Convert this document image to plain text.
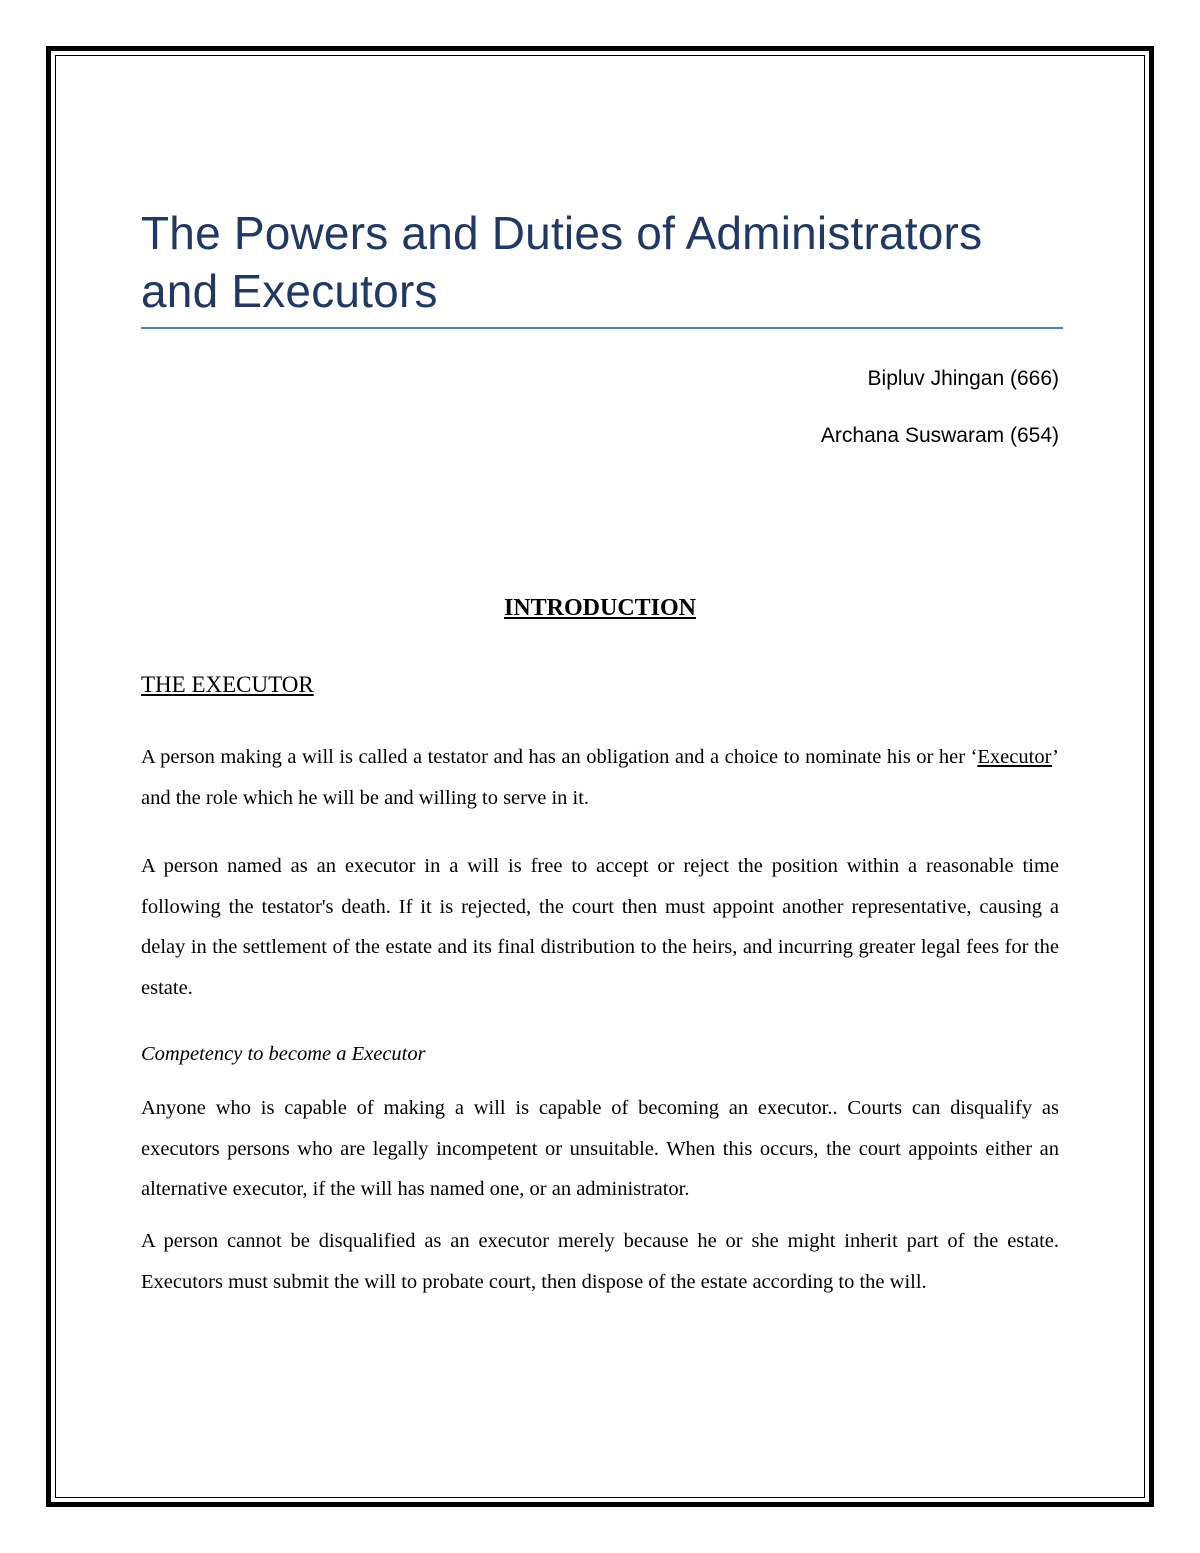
The Powers and Duties of Administrators and Executors
Bipluv Jhingan (666)
Archana Suswaram (654)
INTRODUCTION
THE EXECUTOR

A person making a will is called a testator and has an obligation and a choice to nominate his or her ‘Executor’ and the role which he will be and willing to serve in it.

A person named as an executor in a will is free to accept or reject the position within a reasonable time following the testator's death. If it is rejected, the court then must appoint another representative, causing a delay in the settlement of the estate and its final distribution to the heirs, and incurring greater legal fees for the estate.

Competency to become a Executor

Anyone who is capable of making a will is capable of becoming an executor.. Courts can disqualify as executors persons who are legally incompetent or unsuitable. When this occurs, the court appoints either an alternative executor, if the will has named one, or an administrator.

A person cannot be disqualified as an executor merely because he or she might inherit part of the estate. Executors must submit the will to probate court, then dispose of the estate according to the will.
